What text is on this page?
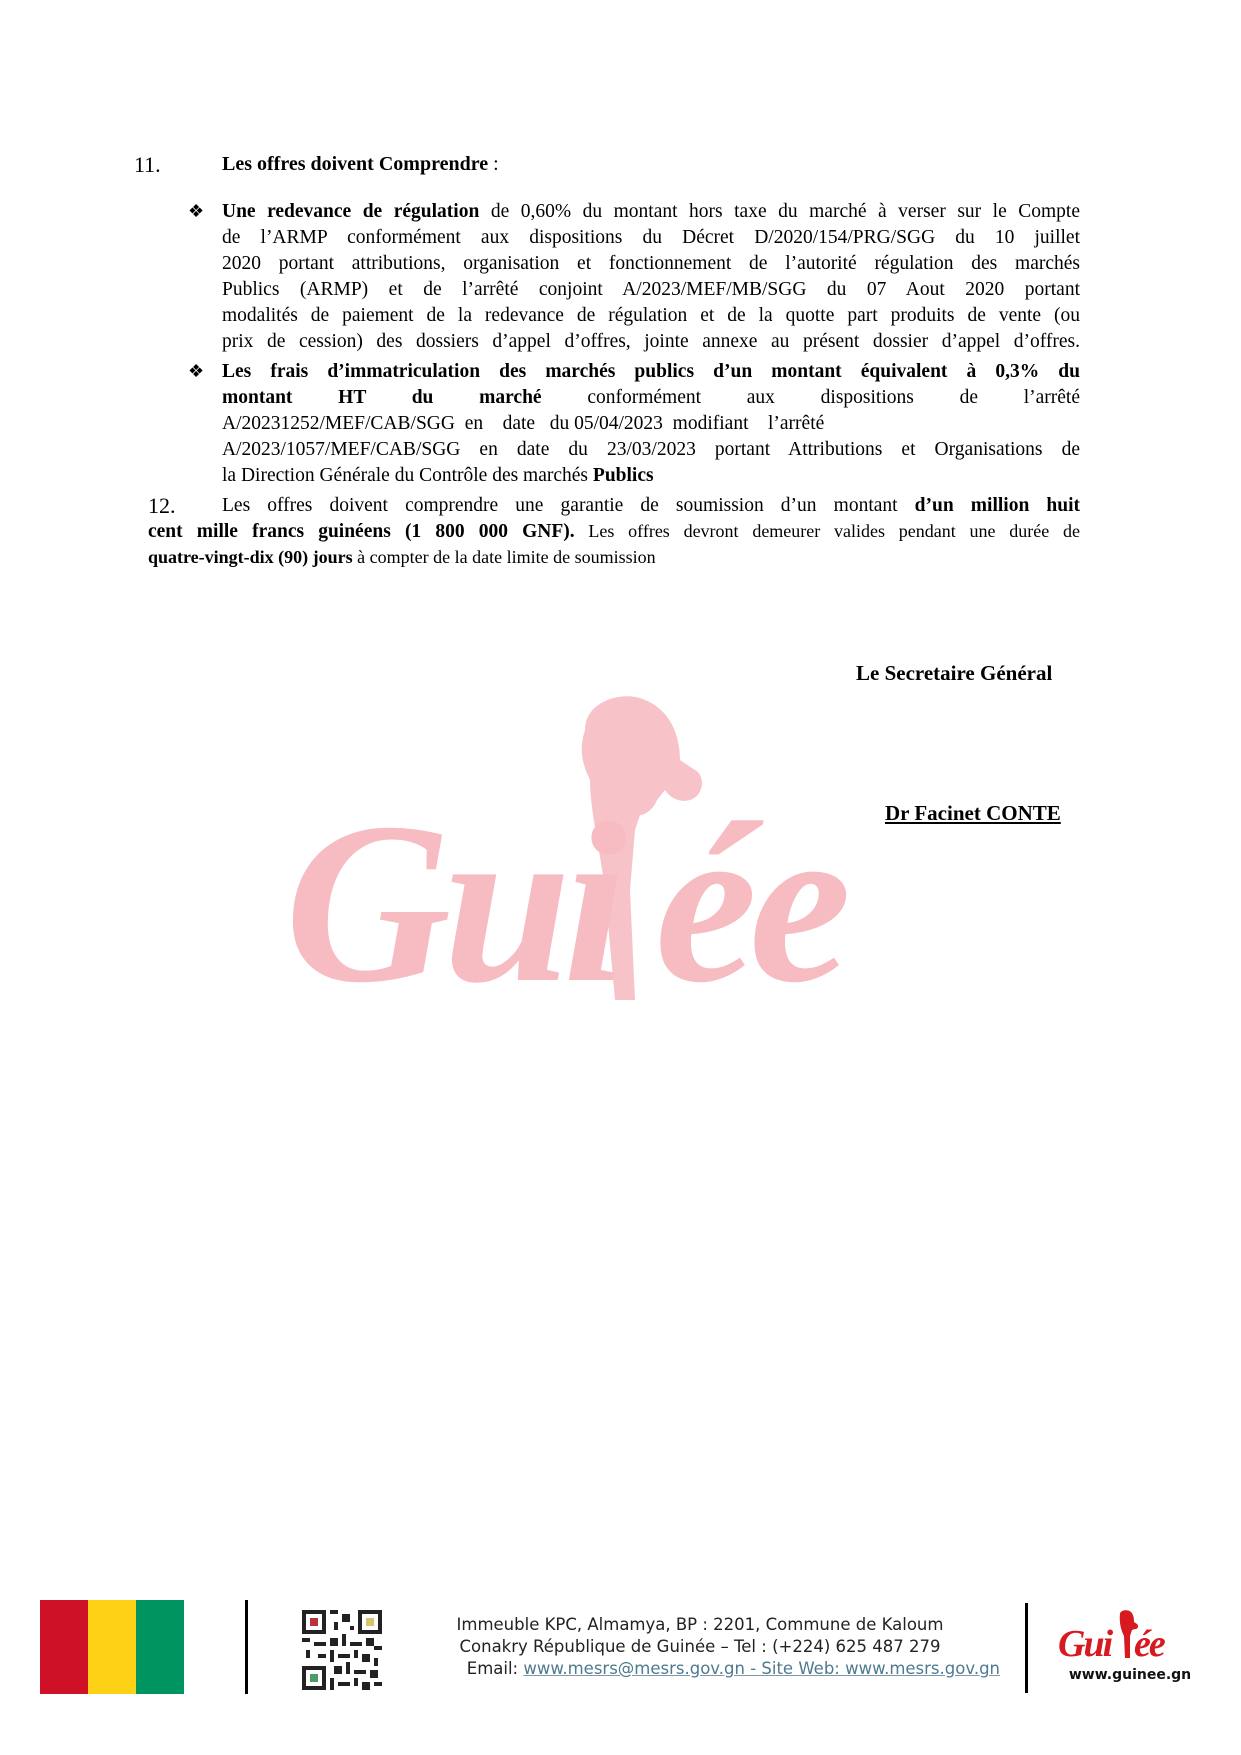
11.	Les offres doivent Comprendre :
❖ Une redevance de régulation de 0,60% du montant hors taxe du marché à verser sur le Compte
de l’ARMP conformément aux dispositions du Décret D/2020/154/PRG/SGG du 10 juillet
2020 portant attributions, organisation et fonctionnement de l’autorité régulation des marchés
Publics (ARMP) et de l’arrêté conjoint A/2023/MEF/MB/SGG du 07 Aout 2020 portant
modalités de paiement de la redevance de régulation et de la quotte part produits de vente (ou
prix de cession) des dossiers d’appel d’offres, jointe annexe au présent dossier d’appel d’offres.
❖ Les frais d’immatriculation des marchés publics d’un montant équivalent à 0,3% du
montant HT du marché conformément aux dispositions de l’arrêté
A/20231252/MEF/CAB/SGG  en    date   du 05/04/2023  modifiant    l’arrêté
A/2023/1057/MEF/CAB/SGG en date du 23/03/2023 portant Attributions et Organisations de
la Direction Générale du Contrôle des marchés Publics
12. Les offres doivent comprendre une garantie de soumission d’un montant d’un million huit
cent mille francs guinéens (1 800 000 GNF). Les offres devront demeurer valides pendant une durée de
quatre-vingt-dix (90) jours à compter de la date limite de soumission
Gui ée
Le Secretaire Général
Dr Facinet CONTE
Immeuble KPC, Almamya, BP : 2201, Commune de Kaloum
Conakry République de Guinée – Tel : (+224) 625 487 279
Email: www.mesrs@mesrs.gov.gn - Site Web: www.mesrs.gov.gn
Gui ée
www.guinee.gn
